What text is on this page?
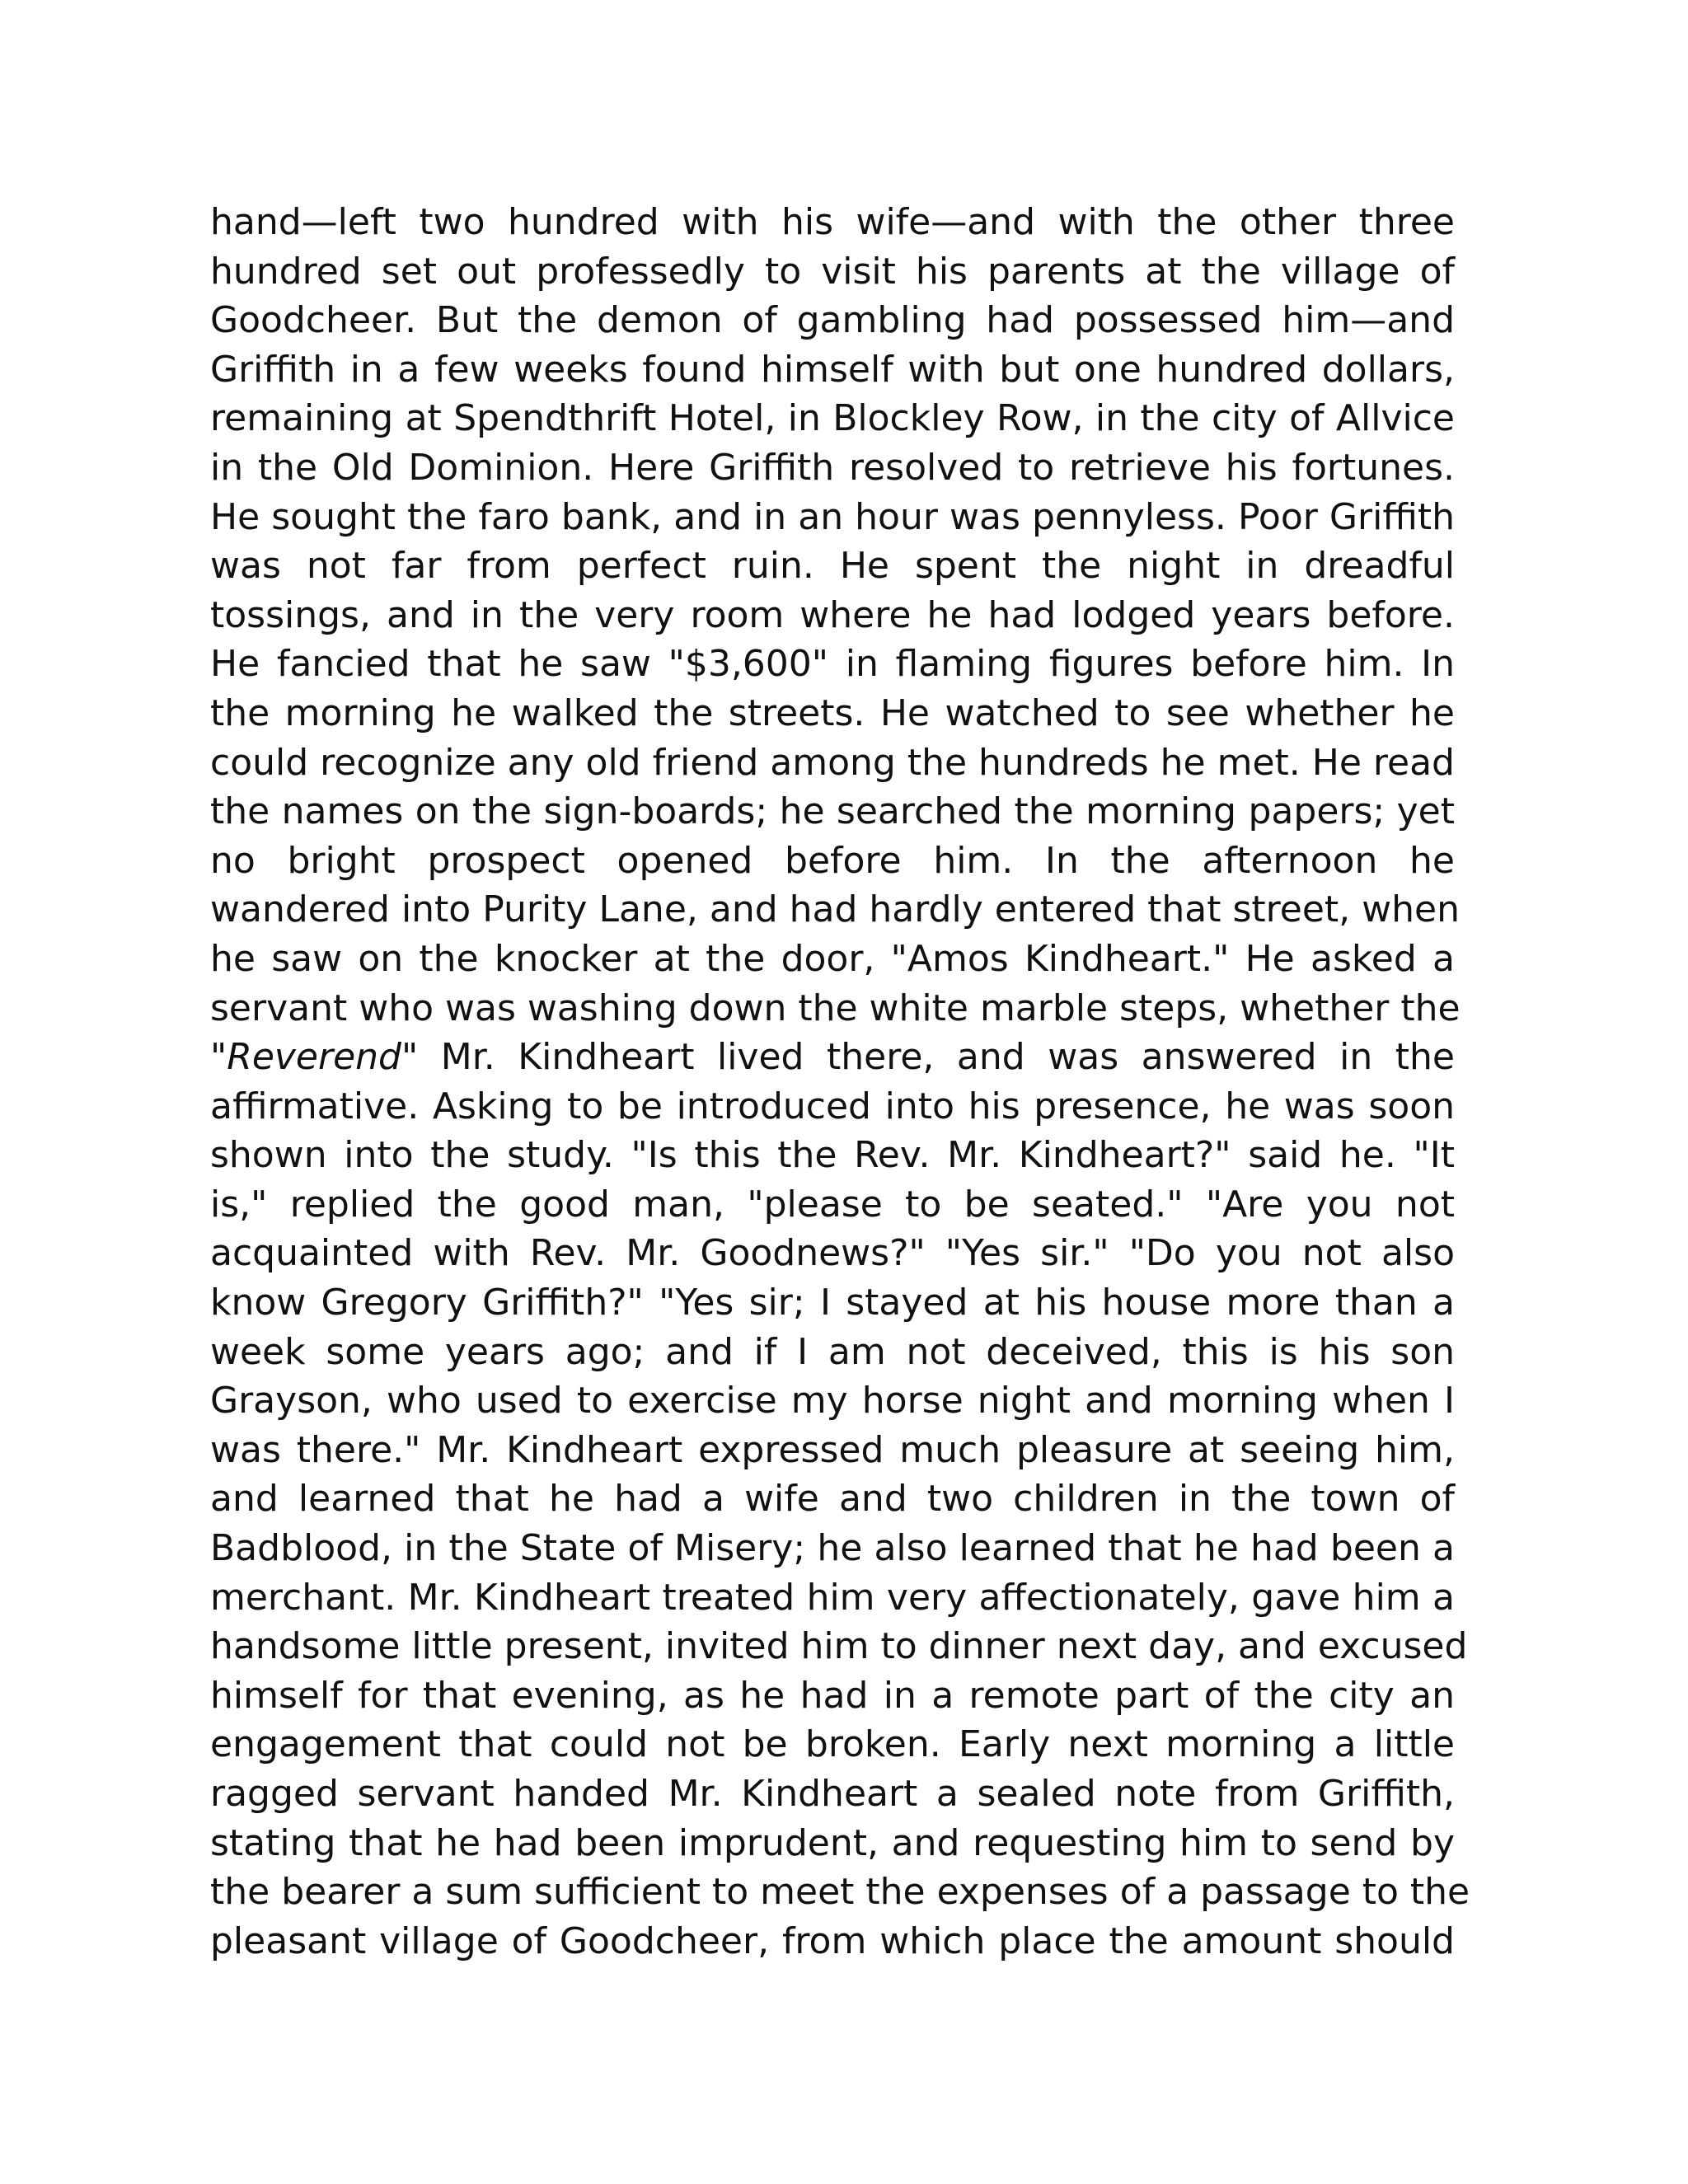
hand—left two hundred with his wife—and with the other three
hundred set out professedly to visit his parents at the village of
Goodcheer. But the demon of gambling had possessed him—and
Griffith in a few weeks found himself with but one hundred dollars,
remaining at Spendthrift Hotel, in Blockley Row, in the city of Allvice
in the Old Dominion. Here Griffith resolved to retrieve his fortunes.
He sought the faro bank, and in an hour was pennyless. Poor Griffith
was not far from perfect ruin. He spent the night in dreadful
tossings, and in the very room where he had lodged years before.
He fancied that he saw "$3,600" in flaming figures before him. In
the morning he walked the streets. He watched to see whether he
could recognize any old friend among the hundreds he met. He read
the names on the sign-boards; he searched the morning papers; yet
no bright prospect opened before him. In the afternoon he
wandered into Purity Lane, and had hardly entered that street, when
he saw on the knocker at the door, "Amos Kindheart." He asked a
servant who was washing down the white marble steps, whether the
"Reverend" Mr. Kindheart lived there, and was answered in the
affirmative. Asking to be introduced into his presence, he was soon
shown into the study. "Is this the Rev. Mr. Kindheart?" said he. "It
is," replied the good man, "please to be seated." "Are you not
acquainted with Rev. Mr. Goodnews?" "Yes sir." "Do you not also
know Gregory Griffith?" "Yes sir; I stayed at his house more than a
week some years ago; and if I am not deceived, this is his son
Grayson, who used to exercise my horse night and morning when I
was there." Mr. Kindheart expressed much pleasure at seeing him,
and learned that he had a wife and two children in the town of
Badblood, in the State of Misery; he also learned that he had been a
merchant. Mr. Kindheart treated him very affectionately, gave him a
handsome little present, invited him to dinner next day, and excused
himself for that evening, as he had in a remote part of the city an
engagement that could not be broken. Early next morning a little
ragged servant handed Mr. Kindheart a sealed note from Griffith,
stating that he had been imprudent, and requesting him to send by
the bearer a sum sufficient to meet the expenses of a passage to the
pleasant village of Goodcheer, from which place the amount should
